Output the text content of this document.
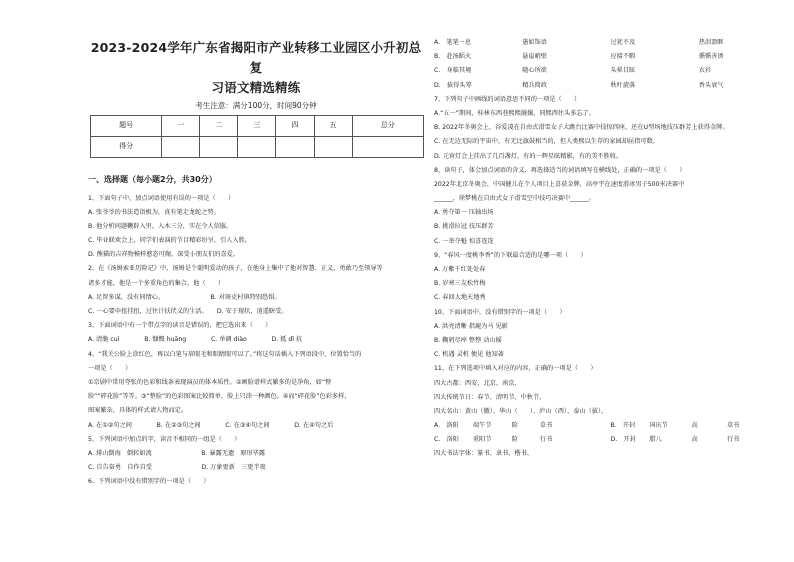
2023-2024学年广东省揭阳市产业转移工业园区小升初总复
习语文精选精练
考生注意：满分100分，时间90分钟
题号	一	二	三	四	五	总分
得分						
一、选择题（每小题2分，共30分）
1、下面句子中，加点词语使用有误的一项是（　　）
A. 张爷爷的书法造诣极为，真有笔走龙蛇之势。
B. 他分析问题鞭辟入里，入木三分，实在令人信服。
C. 毕业联欢会上，同学们表演的节目精彩纷呈，引人入胜。
D. 熊猫的吉祥物模样憨态可掬，深受小朋友们的喜爱。
2、在《汤姆索亚历险记》中，汤姆是个聪明爱动的孩子，在他身上集中了他对智慧、正义、勇敢乃至领导等
诸多才能，他是一个多重角色的集合，他（　　）
A. 足智多谋，没有同情心。　　　　　　　　B. 对斑克村镇特别恐惧。
C. 一心要申扭挂扭，过往计扶伏义的生活。　　D. 安于现状，逍遥瞎受。
3、下面词语中有一个带点字的读音是错误的，把它选出来（　　）
A. 清脆 cuì　　　　B. 慷慨 huāng　　　　C. 单调 diào　　　　D. 抵 dǐ 抗
4、“我关公脸上涂红色，再以白笔与眉眼毛和眼睛眼可以了。”将这句话插入下列语段中，位置恰当的
一项是（　　）
①京剧中常用夸张的色彩和线条表现演员的体本质性。②画脸谱样式繁多的是净角，如“整
脸”“碎花脸”等等。③“整脸”的色彩图案比较简单，脸上只涂一种颜色。④而“碎花脸”色彩多样，
图案繁杂，具体的样式请人物而定。
A. 在①②句之间　　　　B. 在②③句之间　　　　C. 在③④句之间　　　　D. 在④句之后
5、下列词语中加点的字，读音不相同的一组是（　　）
A. 排山倒海　倒转如流　　　　　　　　B. 暴露无遗　原形毕露
C. 自告奋勇　自作自受　　　　　　　　D. 万象更新　三更半夜
6、下列词语中没有错别字的一项是（　　）
A.　笔笔一息	愚如饰语	过犹不及	热泪盈眶
B.　赴汤蹈火	悬崖峭壁	应接不暇	循循善诱
C.　身临其境	随心所欲	头晕目眩	衣衫
D.　拔得头筹	精兵简政	秋叶旋落	香头衰气
7、下列句子中画线的词语意思不同的一项是（　　）
A.“五一”期间，桂林东西巷熙熙攘攘，同熙西往头多忘了。
B. 2022年冬奥会上，谷爱凌在自由式滑雪女子大跳台比赛中技惊四座，还在U型场地技压群芳上获得金牌。
C. 在无边无际的宇宙中，有无比旗鼓相当的，但人类熙以生存的家园却屈指可数。
D. 元宵灯会上挂出了几百盏灯，有的一辉星眩精影，有的美不胜收。
8、读句子，体会加点词语的含义，再选择适当的词语填写在横线处，正确的一项是（　　）
2022年北京冬奥会，中国健儿在个人项目上喜获金牌，高亭宇在速度滑冰男子500米决赛中
______，徐梦桃在自由式女子滑雪空中技巧决赛中______。
A. 勇夺第一 压轴出场
B. 挑滑拉冠 技压群芳
C. 一举夺魁 惊喜连连
9、“春风一度桃李香”的下联最合适的是哪一项（　　）
A. 万紫千红处处春
B. 岁寒三友松竹梅
C. 春回大地天地秀
10、下面词语中，没有错别字的一项是（　　）
A. 洪亮清晰 指鹿为马 见影
B. 鞠躬尽瘁 整整 动山摇
C. 机遇 灵机 便见 他知著
11、在下列选项中填入对应的内容，正确的一项是（　　）
四大古都：西安、北京、南京、
四大传统节日：春节、清明节、中秋节、
四大名山：黄山（徽）、华山（　　）、庐山（西）、泰山（拔）。
A.　洛阳	端午节	险	草书	B.　开封	国庆节	高	草书
C.　洛阳	重阳节	险	行书	D.　开封	腊八	高	行书
四大书法字体：篆书、隶书、楷书、
